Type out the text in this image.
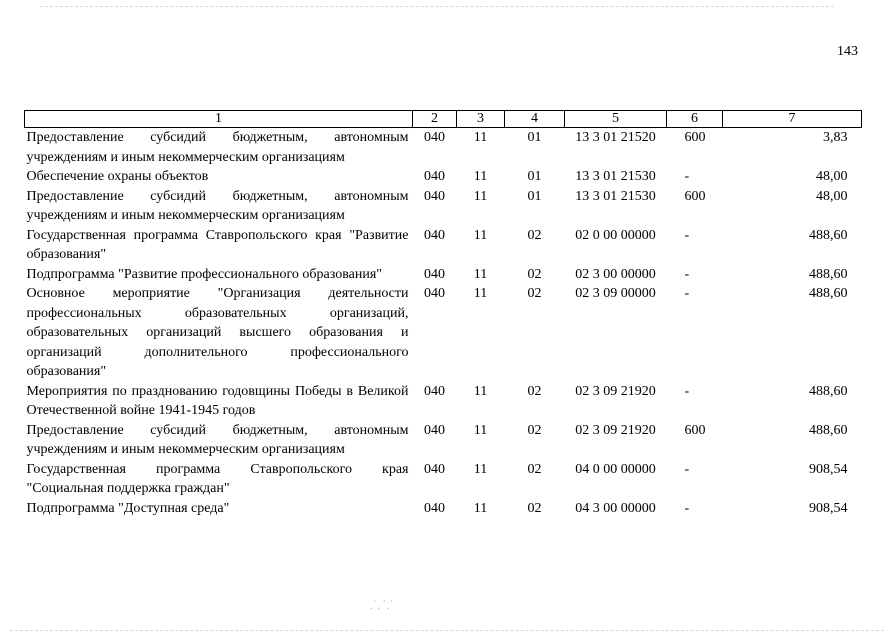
143
1	2	3	4	5	6	7
Предоставление субсидий бюджетным, автономным учреждениям и иным некоммерческим организациям	040	11	01	13 3 01 21520	600	3,83
Обеспечение охраны объектов	040	11	01	13 3 01 21530	-	48,00
Предоставление субсидий бюджетным, автономным учреждениям и иным некоммерческим организациям	040	11	01	13 3 01 21530	600	48,00
Государственная программа Ставропольского края "Развитие образования"	040	11	02	02 0 00 00000	-	488,60
Подпрограмма "Развитие профессионального образования"	040	11	02	02 3 00 00000	-	488,60
Основное мероприятие "Организация деятельности профессиональных образовательных организаций, образовательных организаций высшего образования и организаций дополнительного профессионального образования"	040	11	02	02 3 09 00000	-	488,60
Мероприятия по празднованию годовщины Победы в Великой Отечественной войне 1941-1945 годов	040	11	02	02 3 09 21920	-	488,60
Предоставление субсидий бюджетным, автономным учреждениям и иным некоммерческим организациям	040	11	02	02 3 09 21920	600	488,60
Государственная программа Ставропольского края "Социальная поддержка граждан"	040	11	02	04 0 00 00000	-	908,54
Подпрограмма "Доступная среда"	040	11	02	04 3 00 00000	-	908,54
⸫ ⸪
